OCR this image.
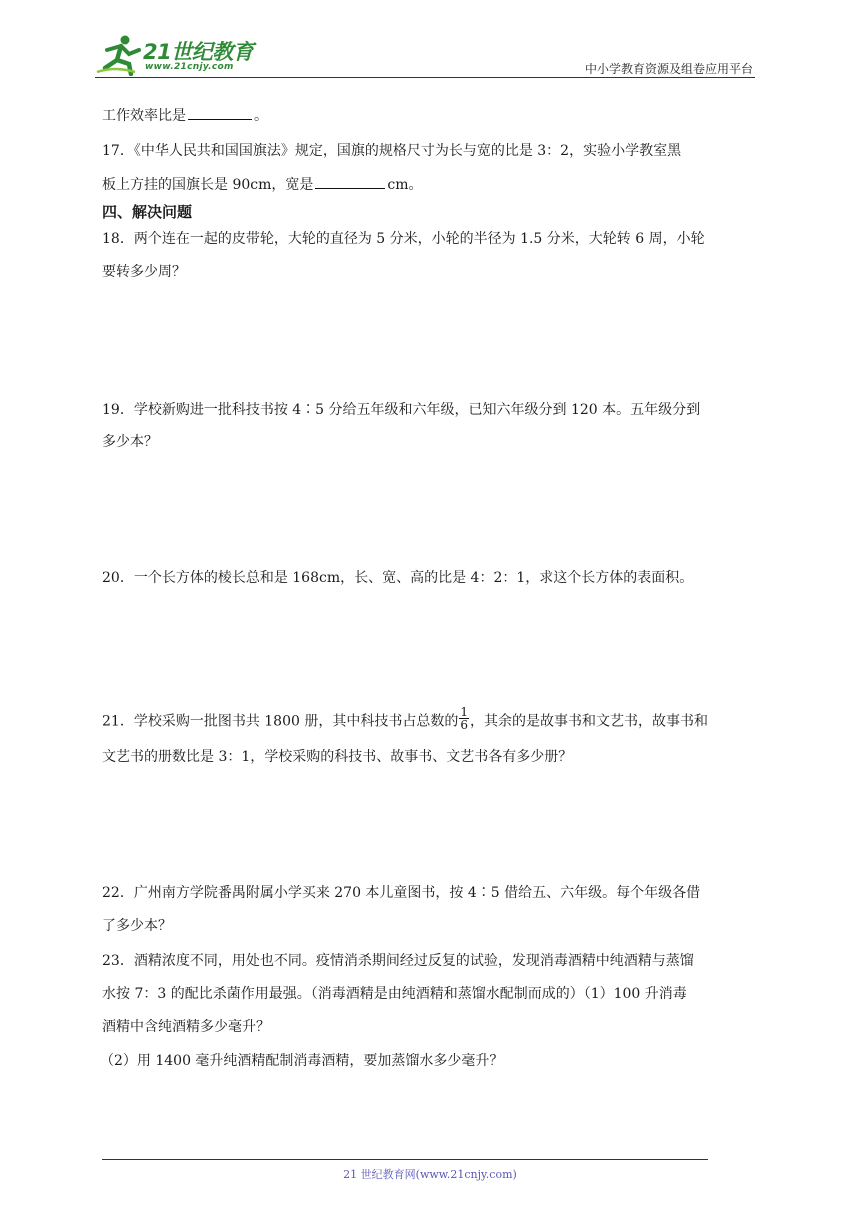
21世纪教育
www.21cnjy.com	中小学教育资源及组卷应用平台
工作效率比是	。
17．《中华人民共和国国旗法》规定，国旗的规格尺寸为长与宽的比是 3：2，实验小学教室黑
板上方挂的国旗长是 90cm，宽是	cm。
四、解决问题
18．两个连在一起的皮带轮，大轮的直径为 5 分米，小轮的半径为 1.5 分米，大轮转 6 周，小轮
要转多少周？
19．学校新购进一批科技书按 4∶5 分给五年级和六年级，已知六年级分到 120 本。五年级分到
多少本？
20．一个长方体的棱长总和是 168cm，长、宽、高的比是 4：2：1，求这个长方体的表面积。
21．学校采购一批图书共 1800 册，其中科技书占总数的 $\frac{1}{6}$ ，其余的是故事书和文艺书，故事书和
文艺书的册数比是 3：1，学校采购的科技书、故事书、文艺书各有多少册？
22．广州南方学院番禺附属小学买来 270 本儿童图书，按 4∶5 借给五、六年级。每个年级各借
了多少本？
23．酒精浓度不同，用处也不同。疫情消杀期间经过反复的试验，发现消毒酒精中纯酒精与蒸馏
水按 7：3 的配比杀菌作用最强。（消毒酒精是由纯酒精和蒸馏水配制而成的）（1）100 升消毒
酒精中含纯酒精多少毫升？
（2）用 1400 毫升纯酒精配制消毒酒精，要加蒸馏水多少毫升？
21 世纪教育网(www.21cnjy.com)
